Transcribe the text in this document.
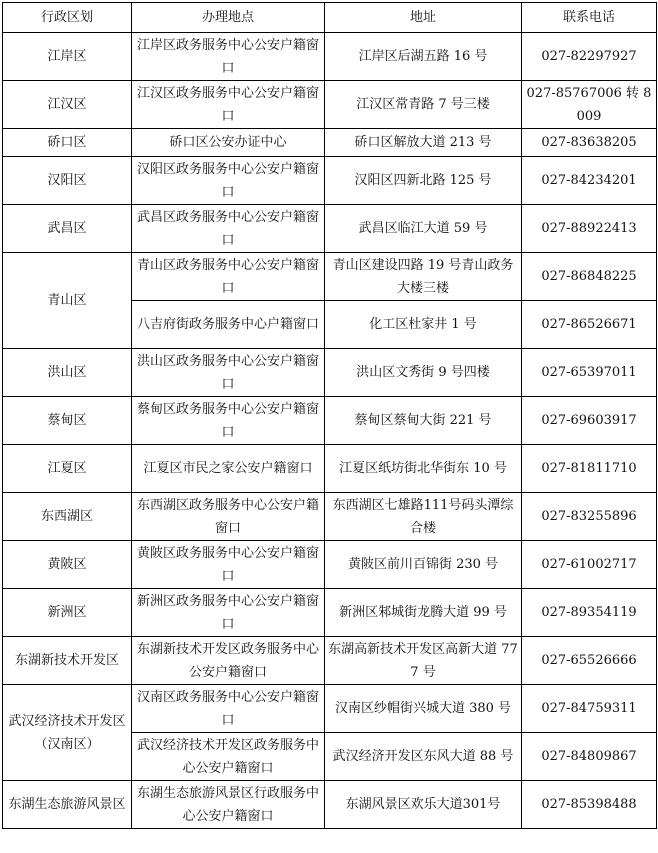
行政区划	办理地点	地址	联系电话
江岸区	江岸区政务服务中心公安户籍窗口	江岸区后湖五路 16 号	027-82297927
江汉区	江汉区政务服务中心公安户籍窗口	江汉区常青路 7 号三楼	027-85767006 转 8009
硚口区	硚口区公安办证中心	硚口区解放大道 213 号	027-83638205
汉阳区	汉阳区政务服务中心公安户籍窗口	汉阳区四新北路 125 号	027-84234201
武昌区	武昌区政务服务中心公安户籍窗口	武昌区临江大道 59 号	027-88922413
青山区	青山区政务服务中心公安户籍窗口	青山区建设四路 19 号青山政务大楼三楼	027-86848225
	八吉府街政务服务中心户籍窗口	化工区杜家井 1 号	027-86526671
洪山区	洪山区政务服务中心公安户籍窗口	洪山区文秀街 9 号四楼	027-65397011
蔡甸区	蔡甸区政务服务中心公安户籍窗口	蔡甸区蔡甸大街 221 号	027-69603917
江夏区	江夏区市民之家公安户籍窗口	江夏区纸坊街北华街东 10 号	027-81811710
东西湖区	东西湖区政务服务中心公安户籍窗口	东西湖区七雄路111号码头潭综合楼	027-83255896
黄陂区	黄陂区政务服务中心公安户籍窗口	黄陂区前川百锦街 230 号	027-61002717
新洲区	新洲区政务服务中心公安户籍窗口	新洲区邾城街龙腾大道 99 号	027-89354119
东湖新技术开发区	东湖新技术开发区政务服务中心公安户籍窗口	东湖高新技术开发区高新大道 777 号	027-65526666
武汉经济技术开发区（汉南区）	汉南区政务服务中心公安户籍窗口	汉南区纱帽街兴城大道 380 号	027-84759311
	武汉经济技术开发区政务服务中心公安户籍窗口	武汉经济开发区东风大道 88 号	027-84809867
东湖生态旅游风景区	东湖生态旅游风景区行政服务中心公安户籍窗口	东湖风景区欢乐大道301号	027-85398488
